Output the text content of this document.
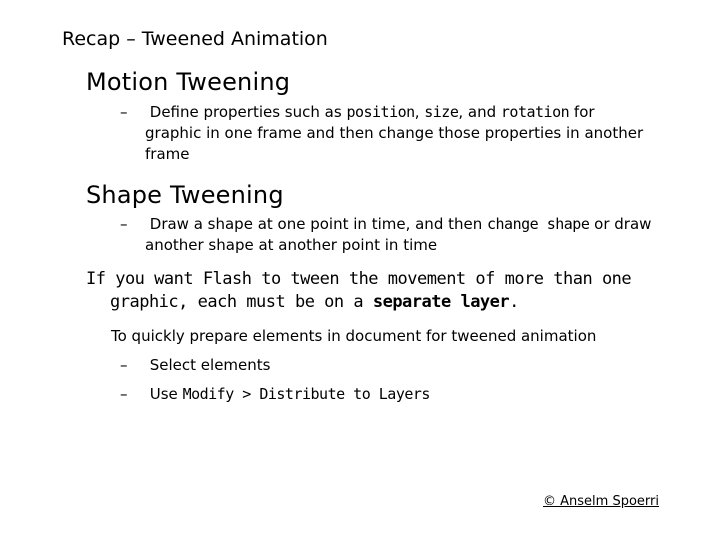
Recap – Tweened Animation
Motion Tweening
– Define properties such as position, size, and rotation for graphic in one frame and then change those properties in another frame
Shape Tweening
– Draw a shape at one point in time, and then change shape or draw another shape at another point in time
If you want Flash to tween the movement of more than one graphic, each must be on a separate layer.
To quickly prepare elements in document for tweened animation
– Select elements
– Use Modify > Distribute to Layers
© Anselm Spoerri
